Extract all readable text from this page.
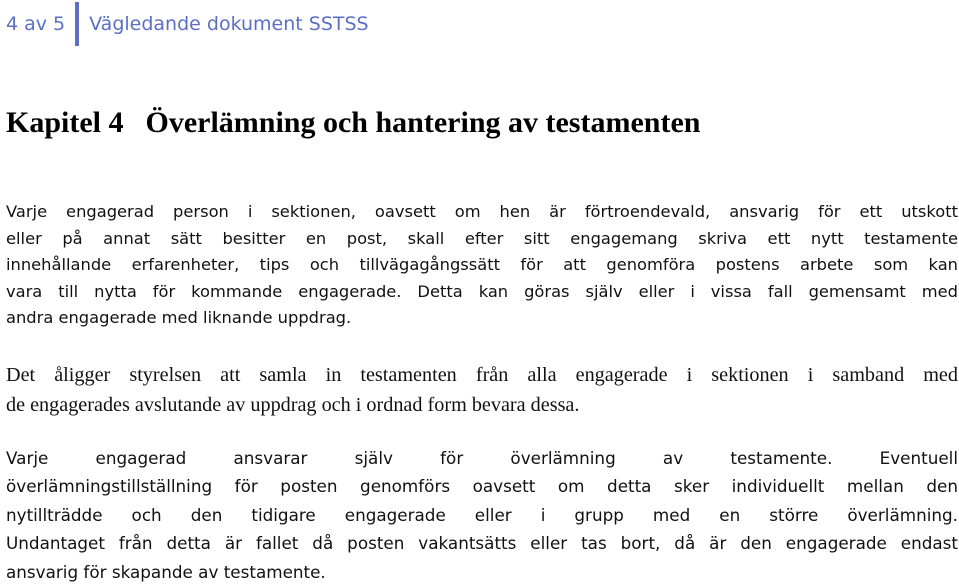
4 av 5 Vägledande dokument SSTSS
Kapitel 4 Överlämning och hantering av testamenten
Varje engagerad person i sektionen, oavsett om hen är förtroendevald, ansvarig för ett utskott
eller på annat sätt besitter en post, skall efter sitt engagemang skriva ett nytt testamente
innehållande erfarenheter, tips och tillvägagångssätt för att genomföra postens arbete som kan
vara till nytta för kommande engagerade. Detta kan göras själv eller i vissa fall gemensamt med
andra engagerade med liknande uppdrag.
Det åligger styrelsen att samla in testamenten från alla engagerade i sektionen i samband med
de engagerades avslutande av uppdrag och i ordnad form bevara dessa.
Varje engagerad ansvarar själv för överlämning av testamente. Eventuell
överlämningstillställning för posten genomförs oavsett om detta sker individuellt mellan den
nytillträdde och den tidigare engagerade eller i grupp med en större överlämning.
Undantaget från detta är fallet då posten vakantsätts eller tas bort, då är den engagerade endast
ansvarig för skapande av testamente.
